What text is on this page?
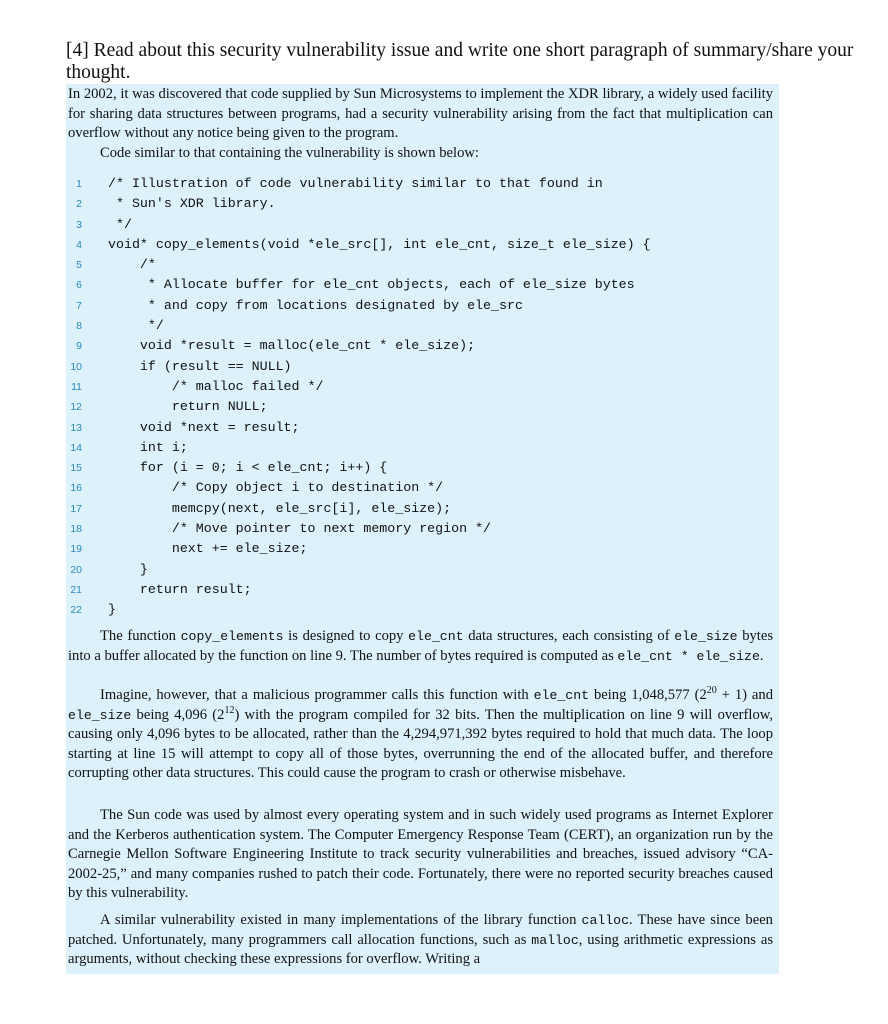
[4] Read about this security vulnerability issue and write one short paragraph of summary/share your thought.

In 2002, it was discovered that code supplied by Sun Microsystems to implement the XDR library, a widely used facility for sharing data structures between programs, had a security vulnerability arising from the fact that multiplication can overflow without any notice being given to the program.

Code similar to that containing the vulnerability is shown below:

1 /* Illustration of code vulnerability similar to that found in
2 * Sun's XDR library.
3 */
4 void* copy_elements(void *ele_src[], int ele_cnt, size_t ele_size) {
5 /*
6 * Allocate buffer for ele_cnt objects, each of ele_size bytes
7 * and copy from locations designated by ele_src
8 */
9 void *result = malloc(ele_cnt * ele_size);
10 if (result == NULL)
11 /* malloc failed */
12 return NULL;
13 void *next = result;
14 int i;
15 for (i = 0; i < ele_cnt; i++) {
16 /* Copy object i to destination */
17 memcpy(next, ele_src[i], ele_size);
18 /* Move pointer to next memory region */
19 next += ele_size;
20 }
21 return result;
22 }

The function copy_elements is designed to copy ele_cnt data structures, each consisting of ele_size bytes into a buffer allocated by the function on line 9. The number of bytes required is computed as ele_cnt * ele_size.

Imagine, however, that a malicious programmer calls this function with ele_cnt being 1,048,577 $(2^{20} + 1)$ and ele_size being 4,096 $(2^{12})$ with the program compiled for 32 bits. Then the multiplication on line 9 will overflow, causing only 4,096 bytes to be allocated, rather than the 4,294,971,392 bytes required to hold that much data. The loop starting at line 15 will attempt to copy all of those bytes, overrunning the end of the allocated buffer, and therefore corrupting other data structures. This could cause the program to crash or otherwise misbehave.

The Sun code was used by almost every operating system and in such widely used programs as Internet Explorer and the Kerberos authentication system. The Computer Emergency Response Team (CERT), an organization run by the Carnegie Mellon Software Engineering Institute to track security vulnerabilities and breaches, issued advisory “CA-2002-25,” and many companies rushed to patch their code. Fortunately, there were no reported security breaches caused by this vulnerability.

A similar vulnerability existed in many implementations of the library function calloc. These have since been patched. Unfortunately, many programmers call allocation functions, such as malloc, using arithmetic expressions as arguments, without checking these expressions for overflow. Writing a
